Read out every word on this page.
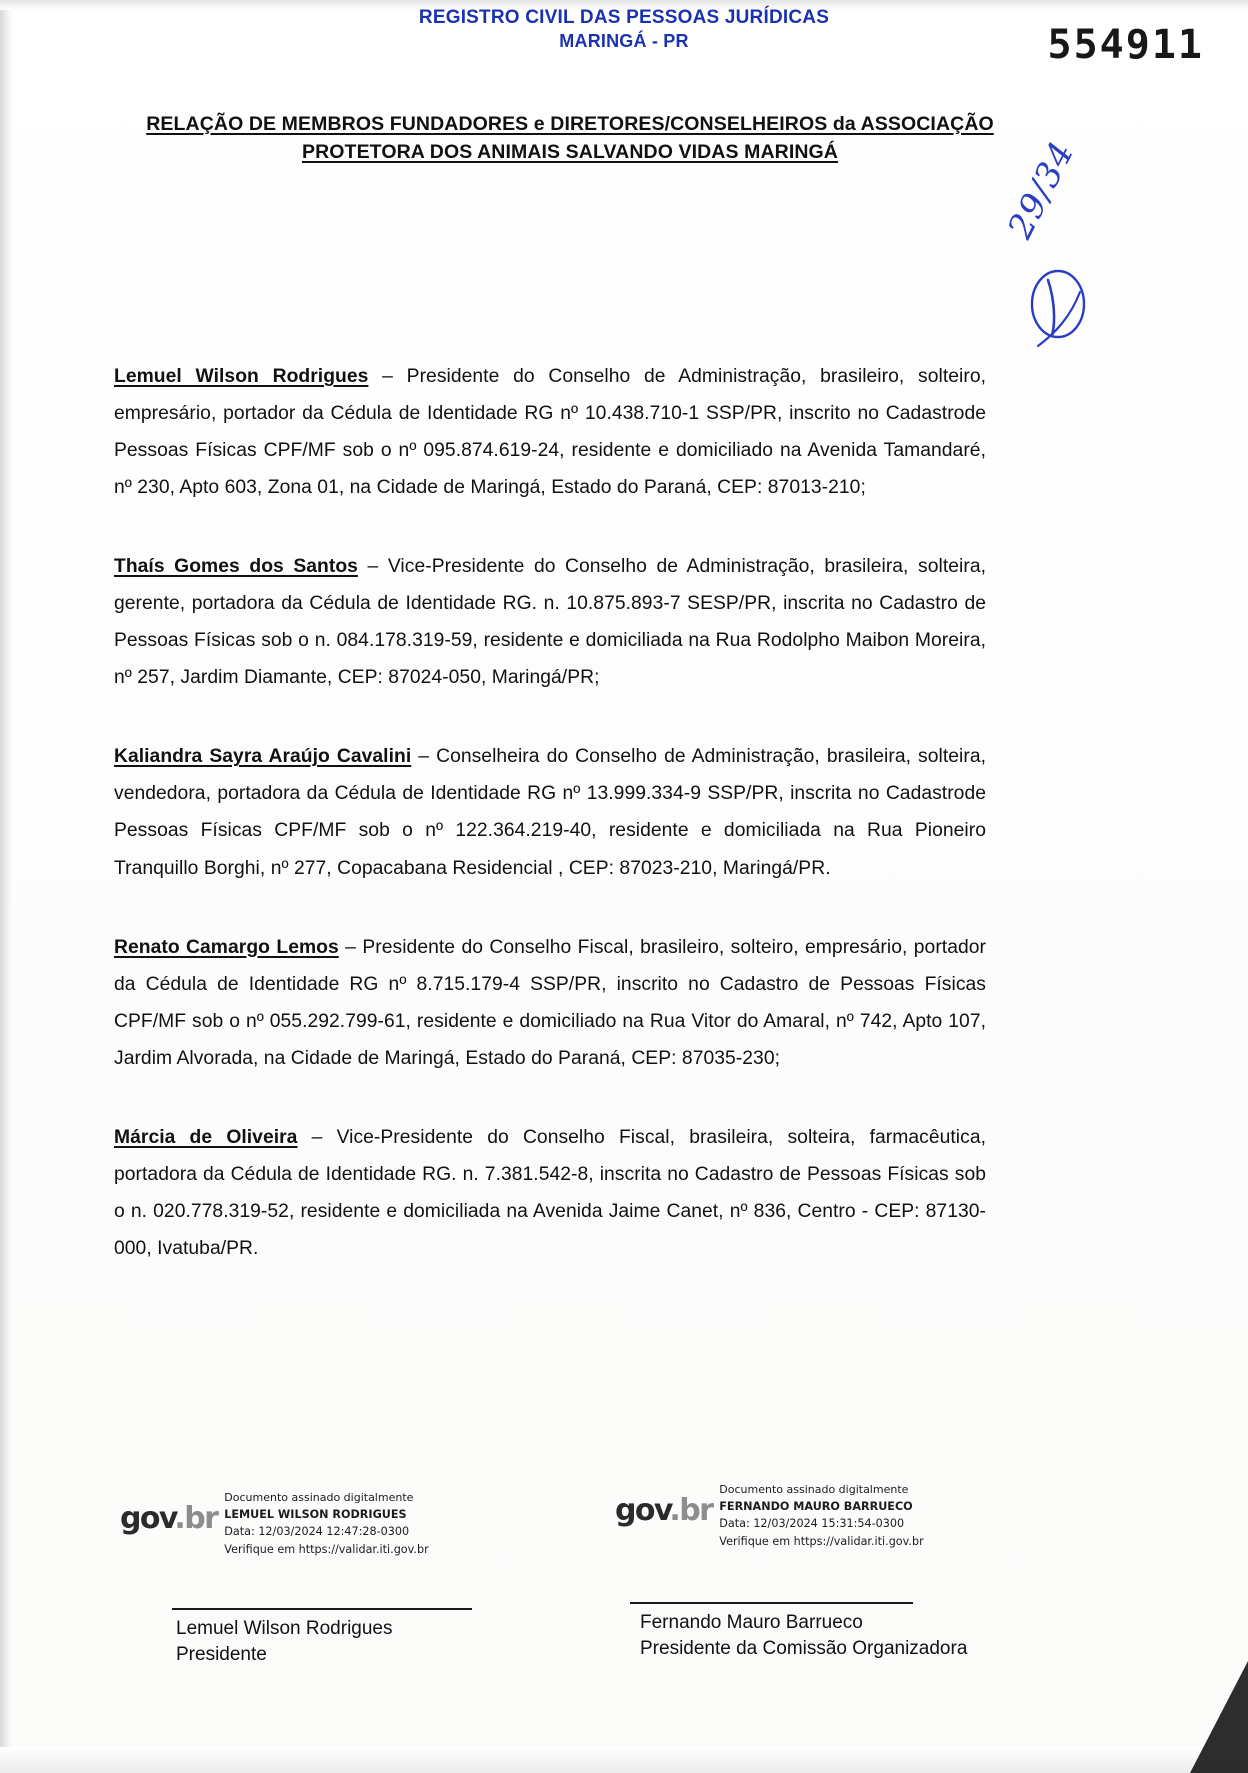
REGISTRO CIVIL DAS PESSOAS JURÍDICAS
MARINGÁ - PR	554911
RELAÇÃO DE MEMBROS FUNDADORES e DIRETORES/CONSELHEIROS da ASSOCIAÇÃO
PROTETORA DOS ANIMAIS SALVANDO VIDAS MARINGÁ	29/34

Lemuel Wilson Rodrigues – Presidente do Conselho de Administração, brasileiro, solteiro, empresário, portador da Cédula de Identidade RG nº 10.438.710-1 SSP/PR, inscrito no Cadastrode Pessoas Físicas CPF/MF sob o nº 095.874.619-24, residente e domiciliado na Avenida Tamandaré, nº 230, Apto 603, Zona 01, na Cidade de Maringá, Estado do Paraná, CEP: 87013-210;

Thaís Gomes dos Santos – Vice-Presidente do Conselho de Administração, brasileira, solteira, gerente, portadora da Cédula de Identidade RG. n. 10.875.893-7 SESP/PR, inscrita no Cadastro de Pessoas Físicas sob o n. 084.178.319-59, residente e domiciliada na Rua Rodolpho Maibon Moreira, nº 257, Jardim Diamante, CEP: 87024-050, Maringá/PR;

Kaliandra Sayra Araújo Cavalini – Conselheira do Conselho de Administração, brasileira, solteira, vendedora, portadora da Cédula de Identidade RG nº 13.999.334-9 SSP/PR, inscrita no Cadastrode Pessoas Físicas CPF/MF sob o nº 122.364.219-40, residente e domiciliada na Rua Pioneiro Tranquillo Borghi, nº 277, Copacabana Residencial , CEP: 87023-210, Maringá/PR.

Renato Camargo Lemos – Presidente do Conselho Fiscal, brasileiro, solteiro, empresário, portador da Cédula de Identidade RG nº 8.715.179-4 SSP/PR, inscrito no Cadastro de Pessoas Físicas CPF/MF sob o nº 055.292.799-61, residente e domiciliado na Rua Vitor do Amaral, nº 742, Apto 107, Jardim Alvorada, na Cidade de Maringá, Estado do Paraná, CEP: 87035-230;

Márcia de Oliveira – Vice-Presidente do Conselho Fiscal, brasileira, solteira, farmacêutica, portadora da Cédula de Identidade RG. n. 7.381.542-8, inscrita no Cadastro de Pessoas Físicas sob o n. 020.778.319-52, residente e domiciliada na Avenida Jaime Canet, nº 836, Centro - CEP: 87130-000, Ivatuba/PR.

gov.br
Documento assinado digitalmente
LEMUEL WILSON RODRIGUES
Data: 12/03/2024 12:47:28-0300
Verifique em https://validar.iti.gov.br
gov.br
Documento assinado digitalmente
FERNANDO MAURO BARRUECO
Data: 12/03/2024 15:31:54-0300
Verifique em https://validar.iti.gov.br
Lemuel Wilson Rodrigues
Presidente
Fernando Mauro Barrueco
Presidente da Comissão Organizadora
